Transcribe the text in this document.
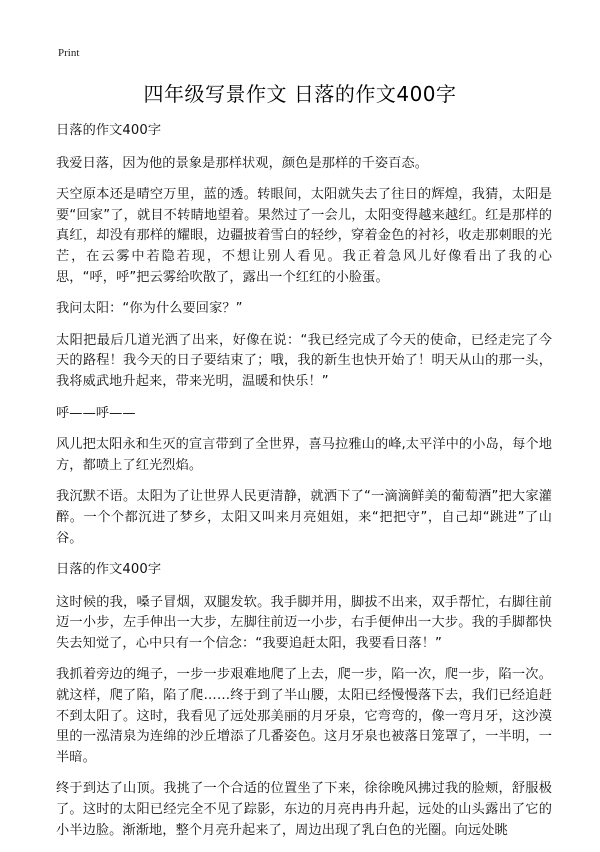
Print
四年级写景作文 日落的作文400字

日落的作文400字

我爱日落，因为他的景象是那样状观，颜色是那样的千姿百态。

天空原本还是晴空万里，蓝的透。转眼间，太阳就失去了往日的辉煌，我猜，太阳是要“回家”了，就目不转睛地望着。果然过了一会儿，太阳变得越来越红。红是那样的真红，却没有那样的耀眼，边疆披着雪白的轻纱，穿着金色的衬衫，收走那刺眼的光芒，在云雾中若隐若现，不想让别人看见。我正着急风儿好像看出了我的心思，“呼，呼”把云雾给吹散了，露出一个红红的小脸蛋。

我问太阳：“你为什么要回家？”

太阳把最后几道光洒了出来，好像在说：“我已经完成了今天的使命，已经走完了今天的路程！我今天的日子要结束了；哦，我的新生也快开始了！明天从山的那一头，我将威武地升起来，带来光明，温暖和快乐！”

呼——呼——

风儿把太阳永和生灭的宣言带到了全世界，喜马拉雅山的峰,太平洋中的小岛，每个地方，都喷上了红光烈焰。

我沉默不语。太阳为了让世界人民更清静，就洒下了“一滴滴鲜美的葡萄酒”把大家灌醉。一个个都沉进了梦乡，太阳又叫来月亮姐姐，来“把把守”，自己却“跳进”了山谷。

日落的作文400字

这时候的我，嗓子冒烟，双腿发软。我手脚并用，脚拔不出来，双手帮忙，右脚往前迈一小步，左手伸出一大步，左脚往前迈一小步，右手便伸出一大步。我的手脚都快失去知觉了，心中只有一个信念：“我要追赶太阳，我要看日落！”

我抓着旁边的绳子，一步一步艰难地爬了上去，爬一步，陷一次，爬一步，陷一次。就这样，爬了陷，陷了爬……终于到了半山腰，太阳已经慢慢落下去，我们已经追赶不到太阳了。这时，我看见了远处那美丽的月牙泉，它弯弯的，像一弯月牙，这沙漠里的一泓清泉为连绵的沙丘增添了几番姿色。这月牙泉也被落日笼罩了，一半明，一半暗。

终于到达了山顶。我挑了一个合适的位置坐了下来，徐徐晚风拂过我的脸颊，舒服极了。这时的太阳已经完全不见了踪影，东边的月亮冉冉升起，远处的山头露出了它的小半边脸。渐渐地，整个月亮升起来了，周边出现了乳白色的光圈。向远处眺
